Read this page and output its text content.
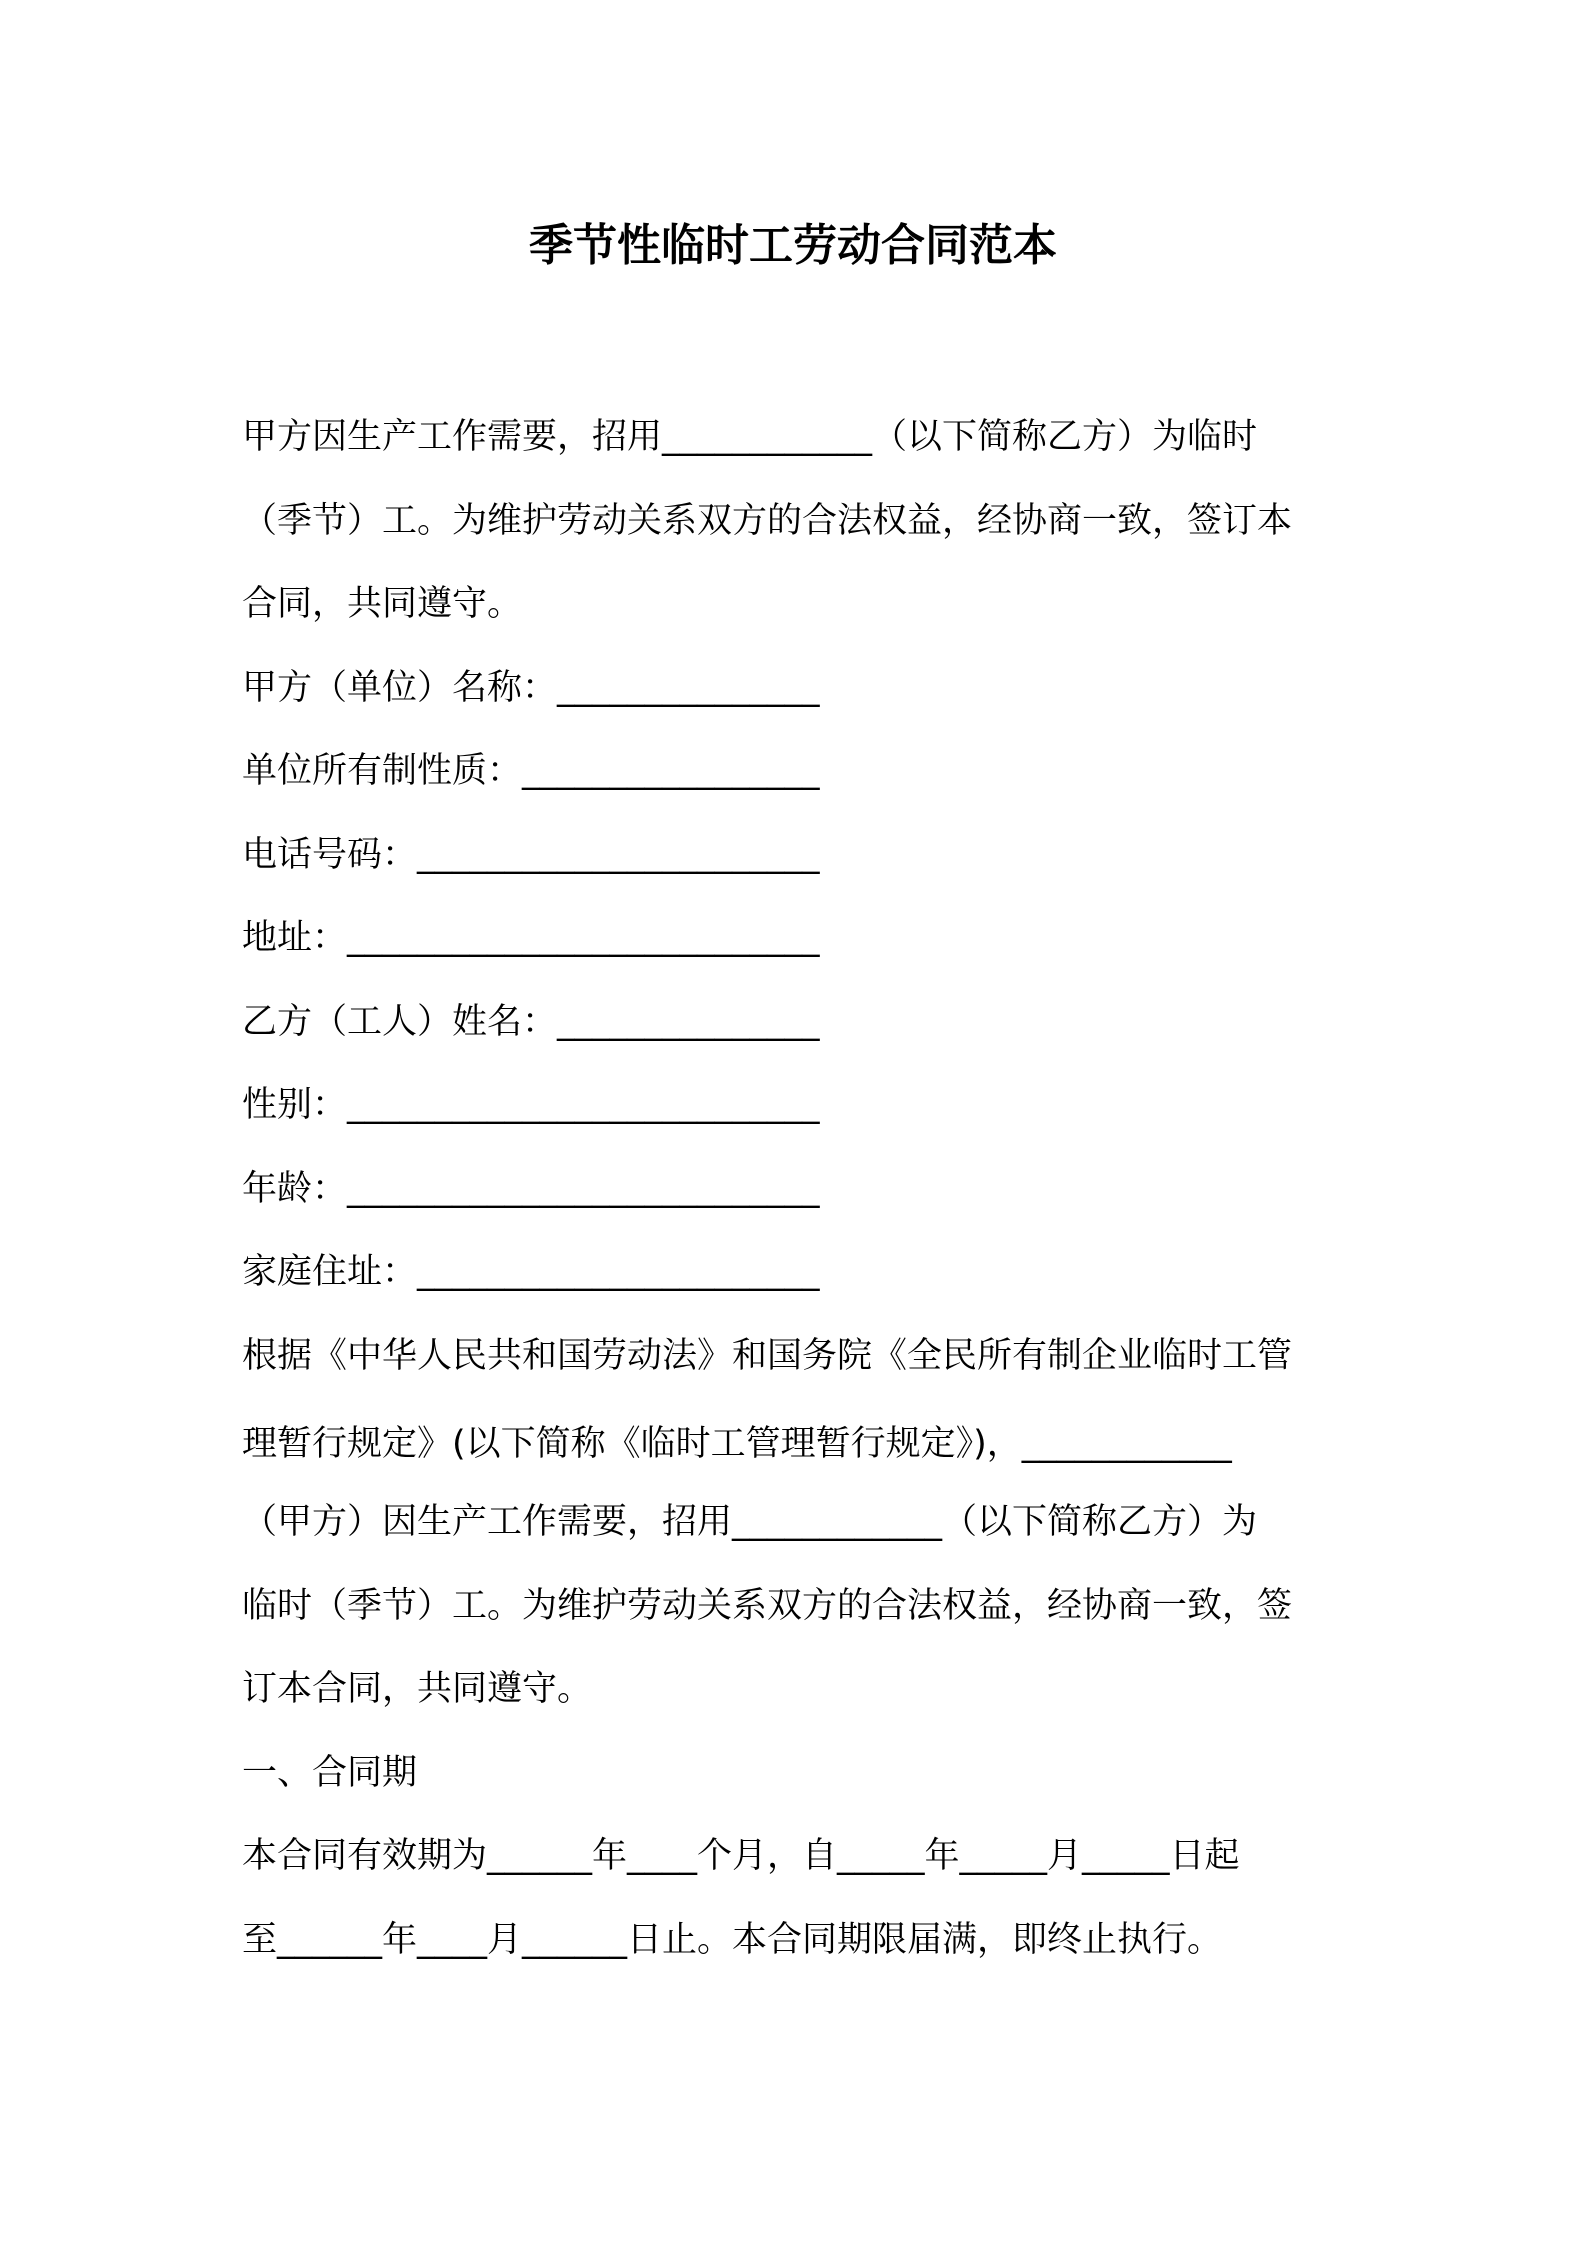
季节性临时工劳动合同范本
甲方因生产工作需要，招用____________（以下简称乙方）为临时
（季节）工。为维护劳动关系双方的合法权益，经协商一致，签订本
合同，共同遵守。
甲方（单位）名称：_______________
单位所有制性质：_________________
电话号码：_______________________
地址：___________________________
乙方（工人）姓名：_______________
性别：___________________________
年龄：___________________________
家庭住址：_______________________
根据《中华人民共和国劳动法》和国务院《全民所有制企业临时工管
理暂行规定》(以下简称《临时工管理暂行规定》)，____________
（甲方）因生产工作需要，招用____________（以下简称乙方）为
临时（季节）工。为维护劳动关系双方的合法权益，经协商一致，签
订本合同，共同遵守。
一、合同期
本合同有效期为______年____个月，自_____年_____月_____日起
至______年____月______日止。本合同期限届满，即终止执行。
